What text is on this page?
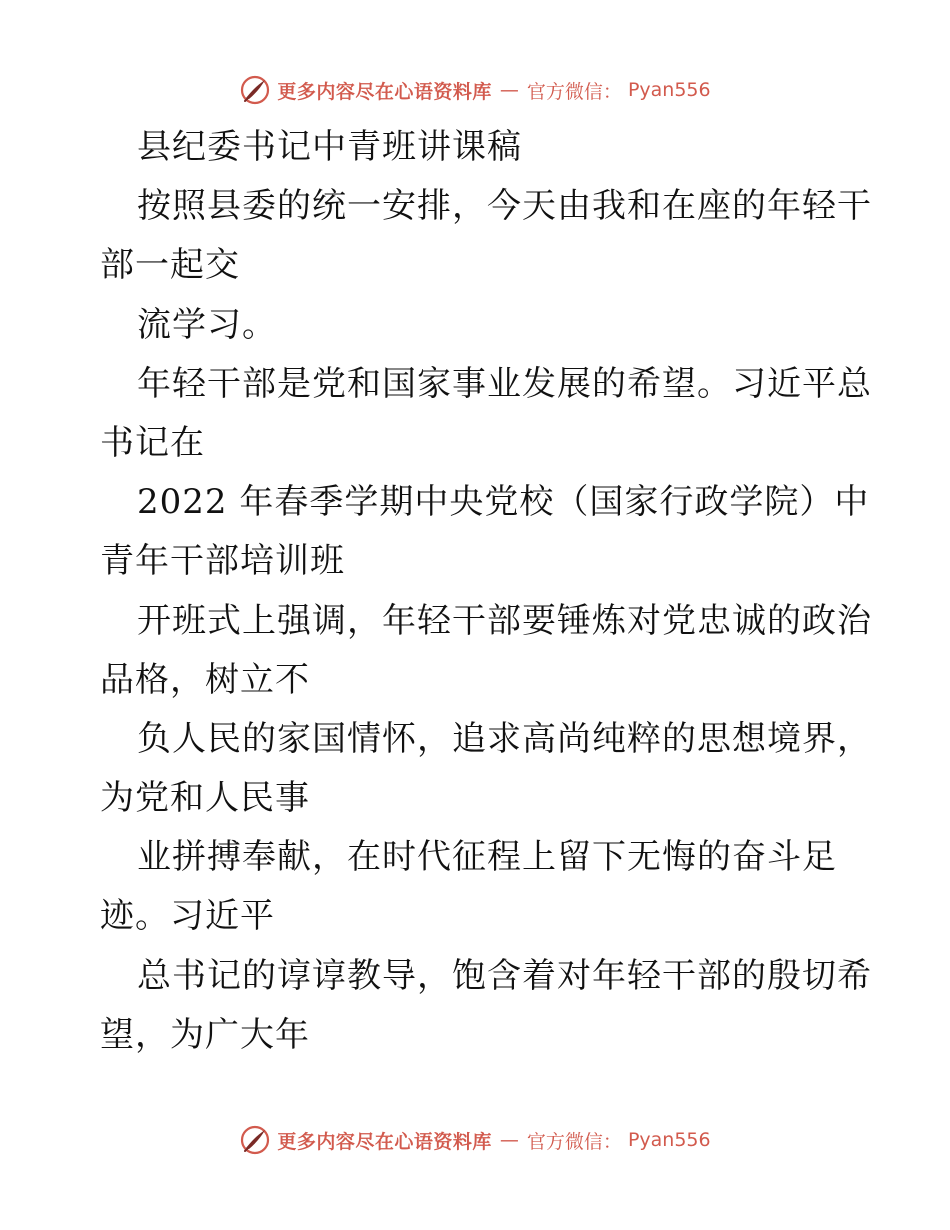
更多内容尽在心语资料库 — 官方微信： Pyan556
县纪委书记中青班讲课稿
按照县委的统一安排，今天由我和在座的年轻干
部一起交
流学习。
年轻干部是党和国家事业发展的希望。习近平总
书记在
2022 年春季学期中央党校（国家行政学院）中
青年干部培训班
开班式上强调，年轻干部要锤炼对党忠诚的政治
品格，树立不
负人民的家国情怀，追求高尚纯粹的思想境界，
为党和人民事
业拼搏奉献，在时代征程上留下无悔的奋斗足
迹。习近平
总书记的谆谆教导，饱含着对年轻干部的殷切希
望，为广大年
更多内容尽在心语资料库 — 官方微信： Pyan556
